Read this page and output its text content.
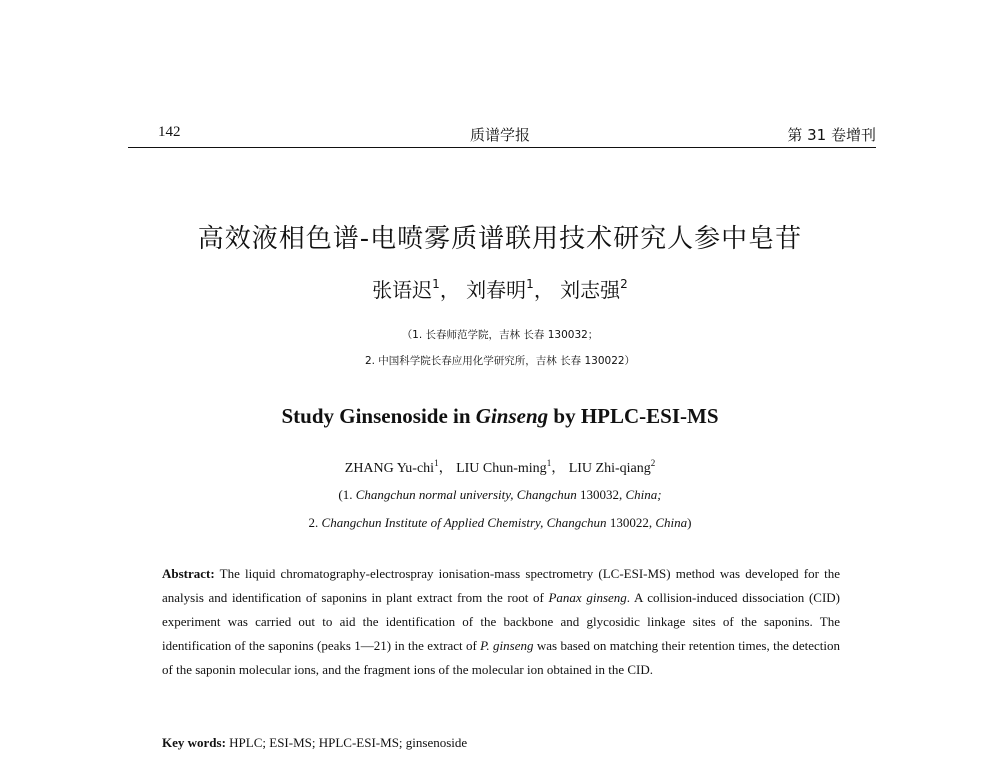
142	质谱学报	第 31 卷增刊
高效液相色谱-电喷雾质谱联用技术研究人参中皂苷
张语迟$^1$， 刘春明$^1$， 刘志强$^2$
（1. 长春师范学院，吉林 长春 130032；
2. 中国科学院长春应用化学研究所，吉林 长春 130022）
Study Ginsenoside in Ginseng by HPLC-ESI-MS
ZHANG Yu-chi$^1$， LIU Chun-ming$^1$， LIU Zhi-qiang$^2$
(1. Changchun normal university, Changchun 130032, China;
2. Changchun Institute of Applied Chemistry, Changchun 130022, China)
Abstract: The liquid chromatography-electrospray ionisation-mass spectrometry (LC-ESI-MS) method was developed for the analysis and identification of saponins in plant extract from the root of Panax ginseng. A collision-induced dissociation (CID) experiment was carried out to aid the identification of the backbone and glycosidic linkage sites of the saponins. The identification of the saponins (peaks 1—21) in the extract of P. ginseng was based on matching their retention times, the detection of the saponin molecular ions, and the fragment ions of the molecular ion obtained in the CID.
Key words: HPLC; ESI-MS; HPLC-ESI-MS; ginsenoside
